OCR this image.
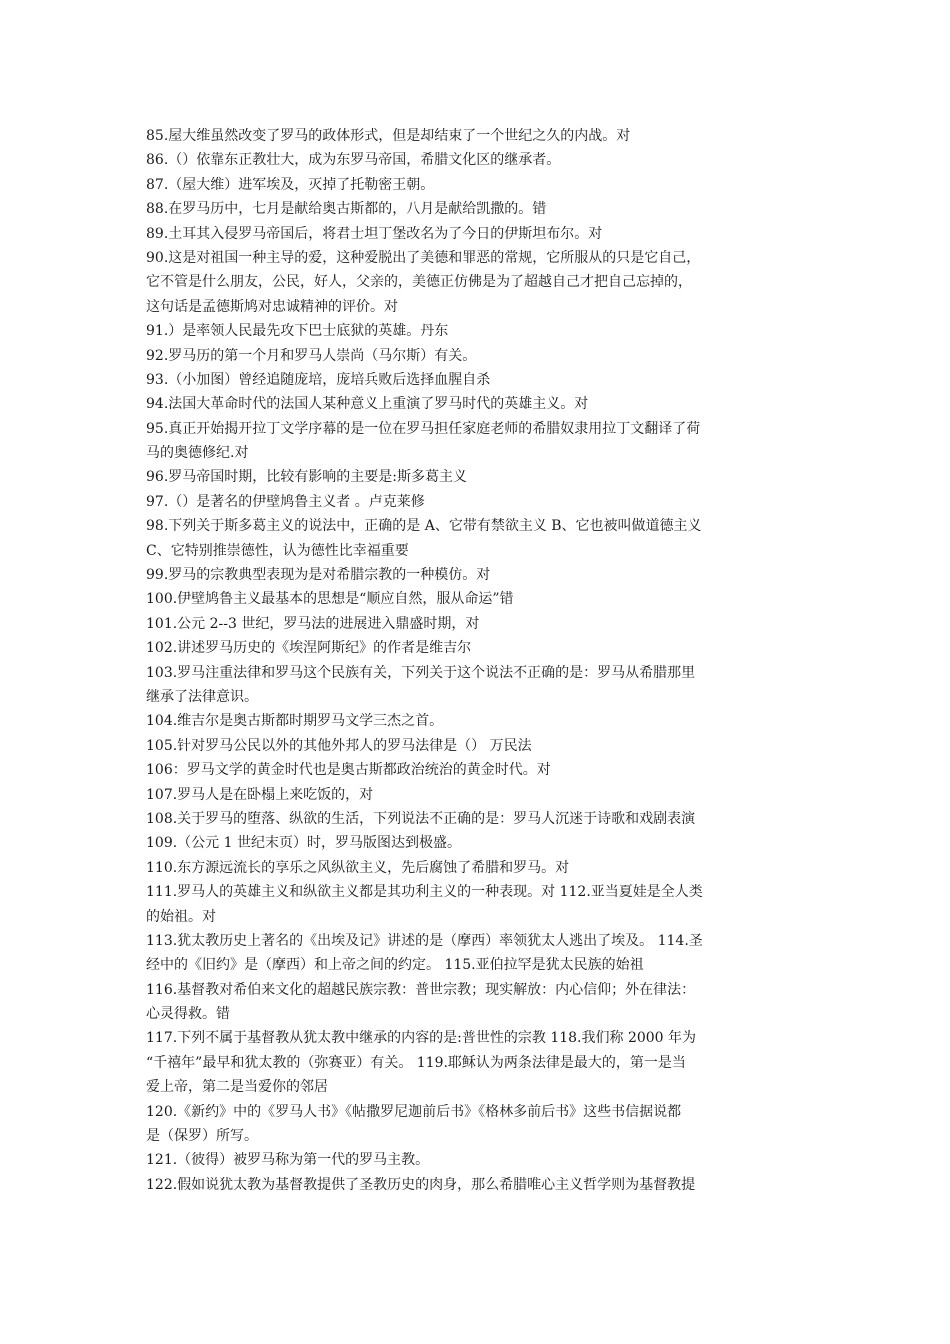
85.屋大维虽然改变了罗马的政体形式，但是却结束了一个世纪之久的内战。对
86.（）依靠东正教壮大，成为东罗马帝国，希腊文化区的继承者。
87.（屋大维）进军埃及，灭掉了托勒密王朝。
88.在罗马历中，七月是献给奥古斯都的，八月是献给凯撒的。错
89.土耳其入侵罗马帝国后，将君士坦丁堡改名为了今日的伊斯坦布尔。对
90.这是对祖国一种主导的爱，这种爱脱出了美德和罪恶的常规，它所服从的只是它自己，
它不管是什么朋友，公民，好人，父亲的，美德正仿佛是为了超越自己才把自己忘掉的，
这句话是孟德斯鸠对忠诚精神的评价。对
91.）是率领人民最先攻下巴士底狱的英雄。丹东
92.罗马历的第一个月和罗马人崇尚（马尔斯）有关。
93.（小加图）曾经追随庞培，庞培兵败后选择血腥自杀
94.法国大革命时代的法国人某种意义上重演了罗马时代的英雄主义。对
95.真正开始揭开拉丁文学序幕的是一位在罗马担任家庭老师的希腊奴隶用拉丁文翻译了荷
马的奥德修纪.对
96.罗马帝国时期，比较有影响的主要是:斯多葛主义
97.（）是著名的伊壁鸠鲁主义者 。卢克莱修
98.下列关于斯多葛主义的说法中，正确的是 A、它带有禁欲主义 B、它也被叫做道德主义
C、它特别推崇德性，认为德性比幸福重要
99.罗马的宗教典型表现为是对希腊宗教的一种模仿。对
100.伊壁鸠鲁主义最基本的思想是“顺应自然，服从命运”错
101.公元 2--3 世纪，罗马法的进展进入鼎盛时期，对
102.讲述罗马历史的《埃涅阿斯纪》的作者是维吉尔
103.罗马注重法律和罗马这个民族有关，下列关于这个说法不正确的是：罗马从希腊那里
继承了法律意识。
104.维吉尔是奥古斯都时期罗马文学三杰之首。
105.针对罗马公民以外的其他外邦人的罗马法律是（） 万民法
106：罗马文学的黄金时代也是奥古斯都政治统治的黄金时代。对
107.罗马人是在卧榻上来吃饭的，对
108.关于罗马的堕落、纵欲的生活，下列说法不正确的是：罗马人沉迷于诗歌和戏剧表演
109.（公元 1 世纪末页）时，罗马版图达到极盛。
110.东方源远流长的享乐之风纵欲主义，先后腐蚀了希腊和罗马。对
111.罗马人的英雄主义和纵欲主义都是其功利主义的一种表现。对 112.亚当夏娃是全人类
的始祖。对
113.犹太教历史上著名的《出埃及记》讲述的是（摩西）率领犹太人逃出了埃及。 114.圣
经中的《旧约》是（摩西）和上帝之间的约定。 115.亚伯拉罕是犹太民族的始祖
116.基督教对希伯来文化的超越民族宗教：普世宗教；现实解放：内心信仰；外在律法：
心灵得救。错
117.下列不属于基督教从犹太教中继承的内容的是:普世性的宗教 118.我们称 2000 年为
“千禧年”最早和犹太教的（弥赛亚）有关。 119.耶稣认为两条法律是最大的，第一是当
爱上帝，第二是当爱你的邻居
120.《新约》中的《罗马人书》《帖撒罗尼迦前后书》《格林多前后书》这些书信据说都
是（保罗）所写。
121.（彼得）被罗马称为第一代的罗马主教。
122.假如说犹太教为基督教提供了圣教历史的肉身，那么希腊唯心主义哲学则为基督教提
